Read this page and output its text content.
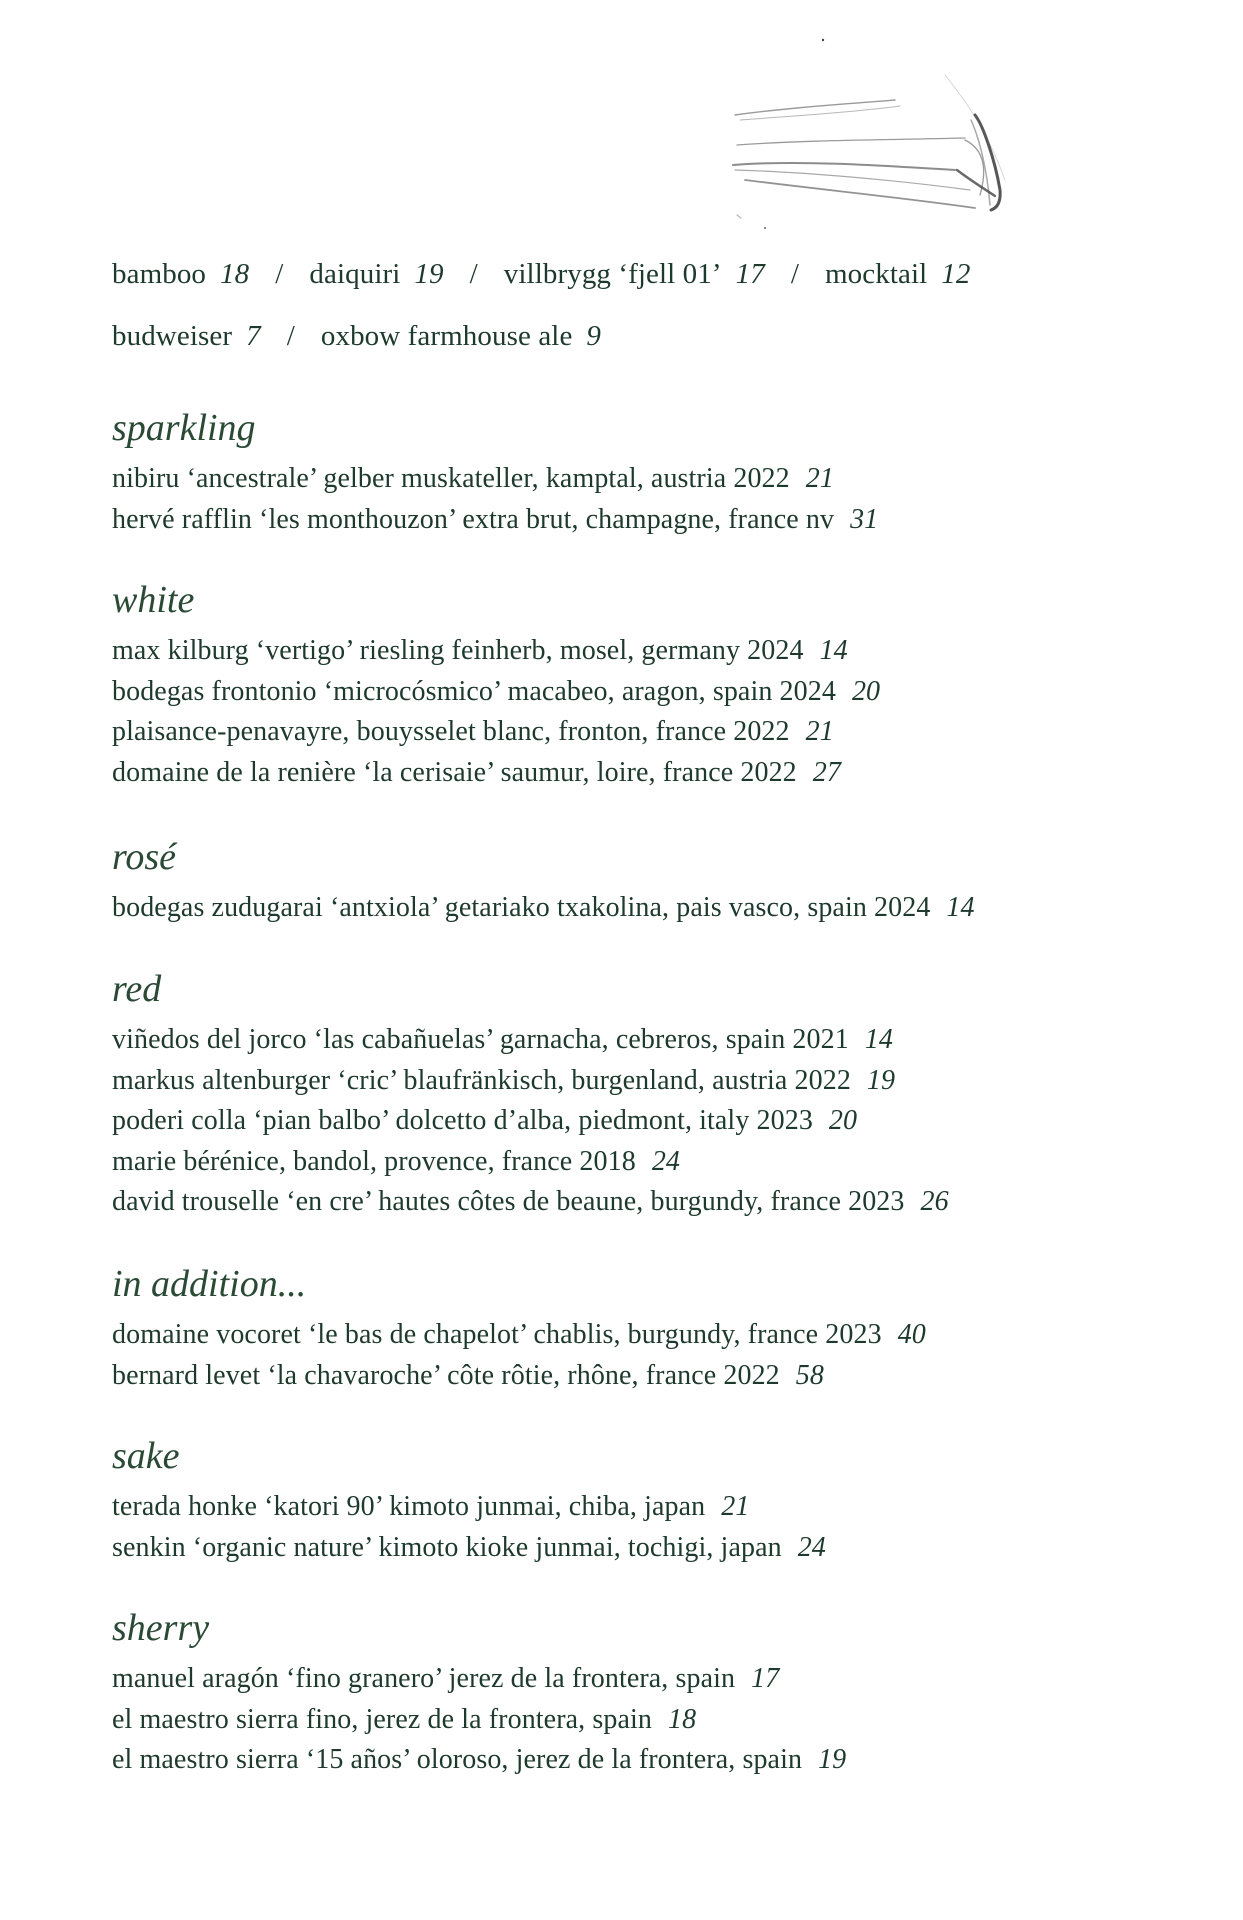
bamboo 18 / daiquiri 19 / villbrygg ‘fjell 01’ 17 / mocktail 12
budweiser 7 / oxbow farmhouse ale 9
sparkling
nibiru ‘ancestrale’ gelber muskateller, kamptal, austria 2022 21
hervé rafflin ‘les monthouzon’ extra brut, champagne, france nv 31
white
max kilburg ‘vertigo’ riesling feinherb, mosel, germany 2024 14
bodegas frontonio ‘microcósmico’ macabeo, aragon, spain 2024 20
plaisance-penavayre, bouysselet blanc, fronton, france 2022 21
domaine de la renière ‘la cerisaie’ saumur, loire, france 2022 27
rosé
bodegas zudugarai ‘antxiola’ getariako txakolina, pais vasco, spain 2024 14
red
viñedos del jorco ‘las cabañuelas’ garnacha, cebreros, spain 2021 14
markus altenburger ‘cric’ blaufränkisch, burgenland, austria 2022 19
poderi colla ‘pian balbo’ dolcetto d’alba, piedmont, italy 2023 20
marie bérénice, bandol, provence, france 2018 24
david trouselle ‘en cre’ hautes côtes de beaune, burgundy, france 2023 26
in addition...
domaine vocoret ‘le bas de chapelot’ chablis, burgundy, france 2023 40
bernard levet ‘la chavaroche’ côte rôtie, rhône, france 2022 58
sake
terada honke ‘katori 90’ kimoto junmai, chiba, japan 21
senkin ‘organic nature’ kimoto kioke junmai, tochigi, japan 24
sherry
manuel aragón ‘fino granero’ jerez de la frontera, spain 17
el maestro sierra fino, jerez de la frontera, spain 18
el maestro sierra ‘15 años’ oloroso, jerez de la frontera, spain 19
